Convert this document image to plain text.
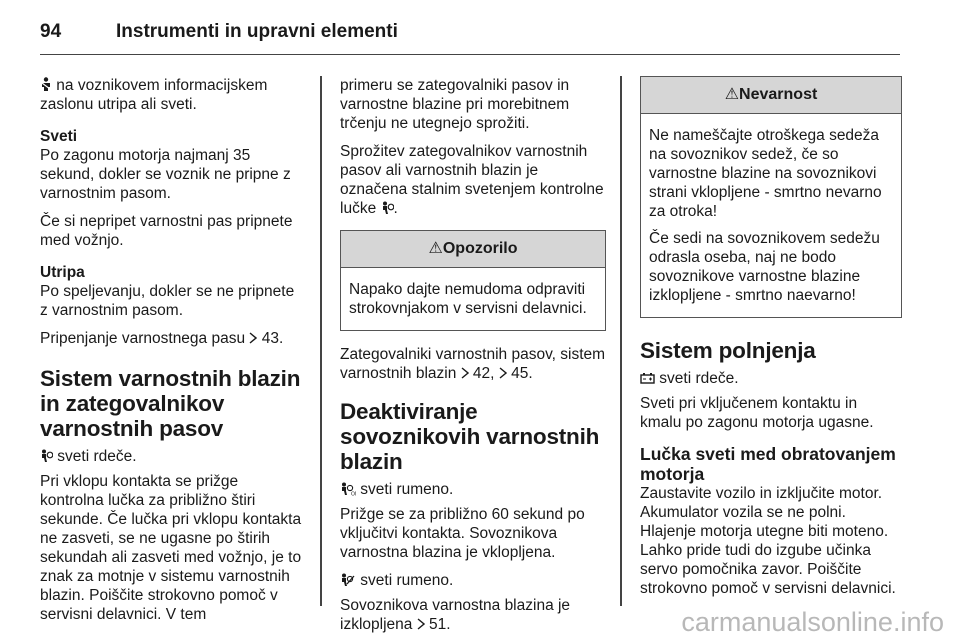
94	Instrumenti in upravni elementi

na voznikovem informacijskem zaslonu utripa ali sveti.

Sveti
Po zagonu motorja najmanj 35 sekund, dokler se voznik ne pripne z varnostnim pasom.

Če si nepripet varnostni pas pripnete med vožnjo.

Utripa
Po speljevanju, dokler se ne pripnete z varnostnim pasom.

Pripenjanje varnostnega pasu  43.

Sistem varnostnih blazin in zategovalnikov varnostnih pasov

sveti rdeče.

Pri vklopu kontakta se prižge kontrolna lučka za približno štiri sekunde. Če lučka pri vklopu kontakta ne zasveti, se ne ugasne po štirih sekundah ali zasveti med vožnjo, je to znak za motnje v sistemu varnostnih blazin. Poiščite strokovno pomoč v servisni delavnici. V tem

primeru se zategovalniki pasov in varnostne blazine pri morebitnem trčenju ne utegnejo sprožiti.

Sprožitev zategovalnikov varnostnih pasov ali varnostnih blazin je označena stalnim svetenjem kontrolne lučke .

⚠Opozorilo

Napako dajte nemudoma odpraviti strokovnjakom v servisni delavnici.

Zategovalniki varnostnih pasov, sistem varnostnih blazin  42,  45.

Deaktiviranje sovoznikovih varnostnih blazin

O sveti rumeno.

Prižge se za približno 60 sekund po vključitvi kontakta. Sovoznikova varnostna blazina je vklopljena.

sveti rumeno.

Sovoznikova varnostna blazina je izklopljena  51.

⚠Nevarnost

Ne nameščajte otroškega sedeža na sovoznikov sedež, če so varnostne blazine na sovoznikovi strani vklopljene - smrtno nevarno za otroka!

Če sedi na sovoznikovem sedežu odrasla oseba, naj ne bodo sovoznikove varnostne blazine izklopljene - smrtno naevarno!

Sistem polnjenja

sveti rdeče.

Sveti pri vključenem kontaktu in kmalu po zagonu motorja ugasne.

Lučka sveti med obratovanjem motorja

Zaustavite vozilo in izključite motor. Akumulator vozila se ne polni. Hlajenje motorja utegne biti moteno. Lahko pride tudi do izgube učinka servo pomočnika zavor. Poiščite strokovno pomoč v servisni delavnici.

carmanualsonline.info
